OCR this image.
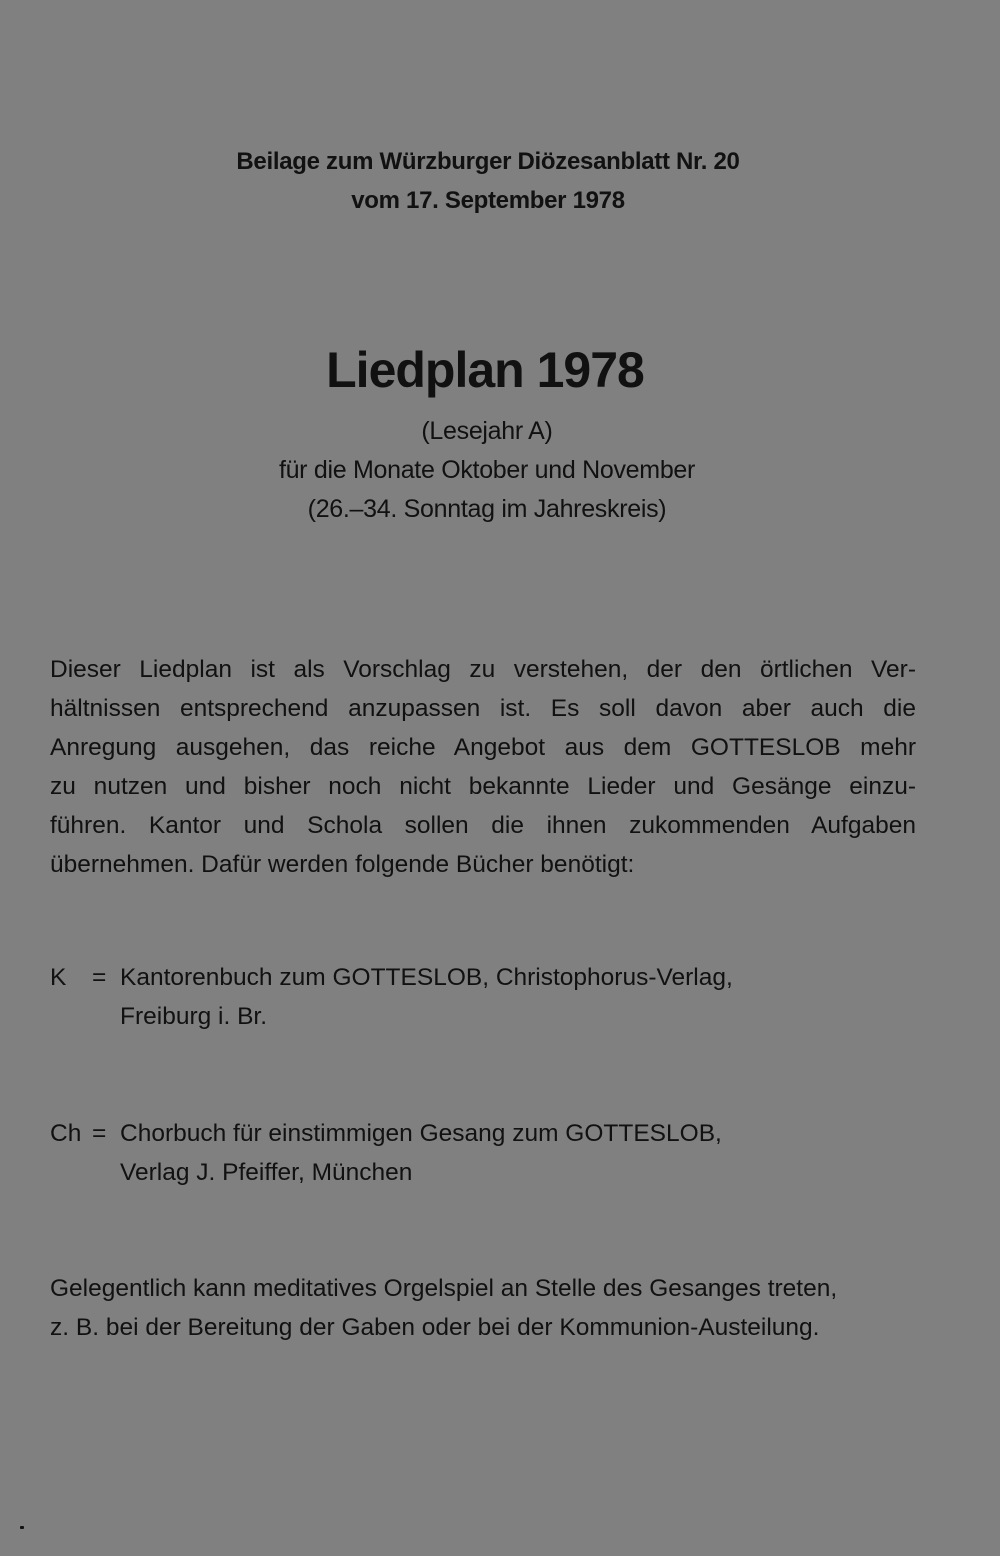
Beilage zum Würzburger Diözesanblatt Nr. 20
vom 17. September 1978
Liedplan 1978
(Lesejahr A)
für die Monate Oktober und November
(26.–34. Sonntag im Jahreskreis)
Dieser Liedplan ist als Vorschlag zu verstehen, der den örtlichen Ver-
hältnissen entsprechend anzupassen ist. Es soll davon aber auch die
Anregung ausgehen, das reiche Angebot aus dem GOTTESLOB mehr
zu nutzen und bisher noch nicht bekannte Lieder und Gesänge einzu-
führen. Kantor und Schola sollen die ihnen zukommenden Aufgaben
übernehmen. Dafür werden folgende Bücher benötigt:
K = Kantorenbuch zum GOTTESLOB, Christophorus-Verlag,
Freiburg i. Br.
Ch = Chorbuch für einstimmigen Gesang zum GOTTESLOB,
Verlag J. Pfeiffer, München
Gelegentlich kann meditatives Orgelspiel an Stelle des Gesanges treten,
z. B. bei der Bereitung der Gaben oder bei der Kommunion-Austeilung.
